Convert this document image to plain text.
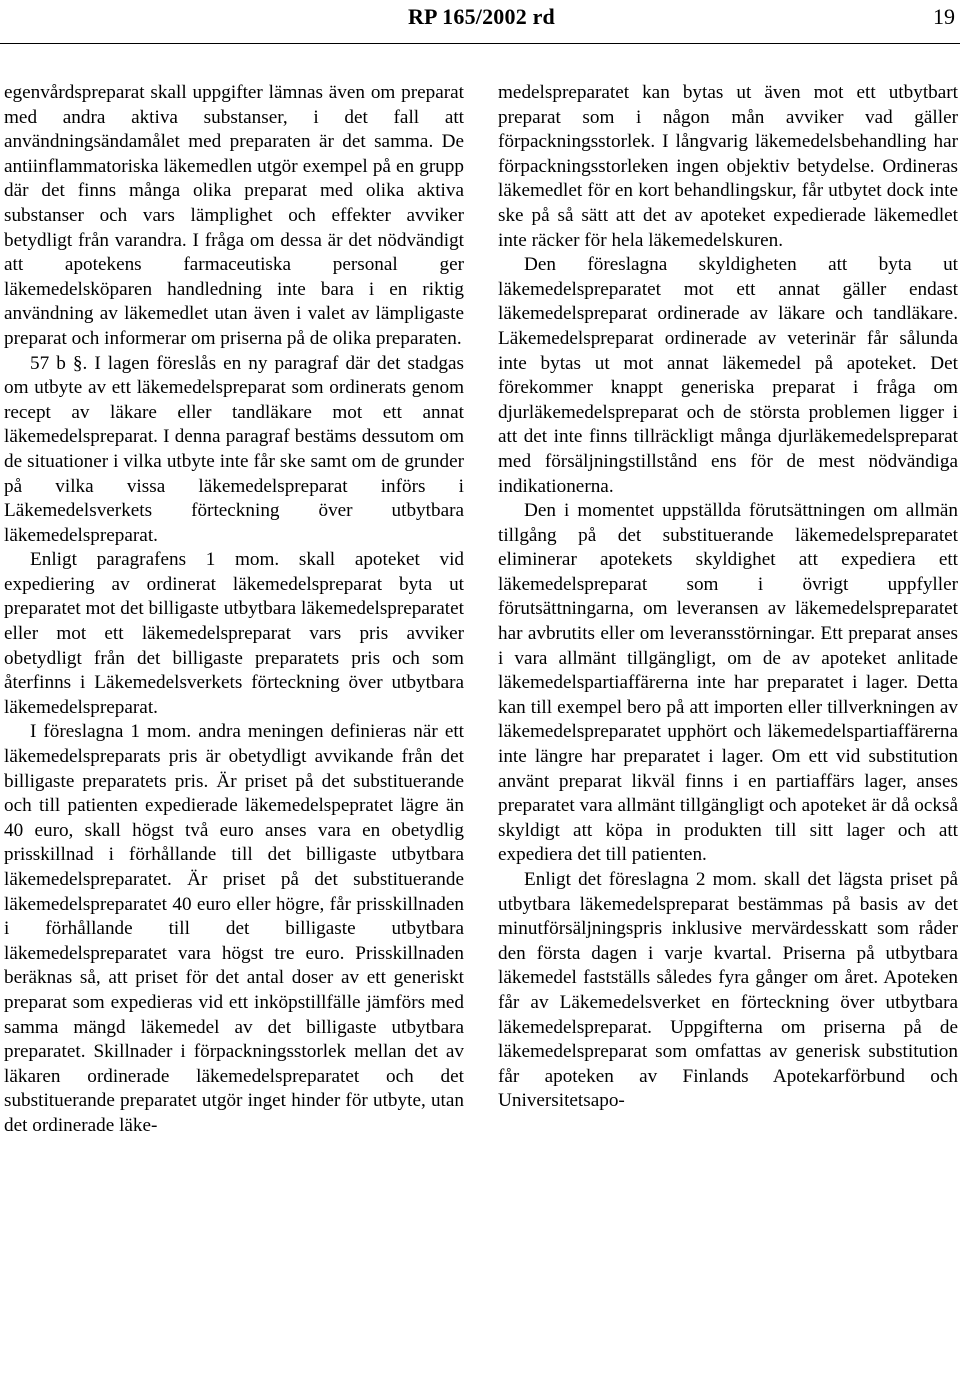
RP 165/2002 rd	19

egenvårdspreparat skall uppgifter lämnas även om preparat med andra aktiva substanser, i det fall att användningsändamålet med preparaten är det samma. De antiinflammatoriska läkemedlen utgör exempel på en grupp där det finns många olika preparat med olika aktiva substanser och vars lämplighet och effekter avviker betydligt från varandra. I fråga om dessa är det nödvändigt att apotekens farmaceutiska personal ger läkemedelsköparen handledning inte bara i en riktig användning av läkemedlet utan även i valet av lämpligaste preparat och informerar om priserna på de olika preparaten.

57 b §. I lagen föreslås en ny paragraf där det stadgas om utbyte av ett läkemedelspreparat som ordinerats genom recept av läkare eller tandläkare mot ett annat läkemedelspreparat. I denna paragraf bestäms dessutom om de situationer i vilka utbyte inte får ske samt om de grunder på vilka vissa läkemedelspreparat införs i Läkemedelsverkets förteckning över utbytbara läkemedelspreparat.

Enligt paragrafens 1 mom. skall apoteket vid expediering av ordinerat läkemedelspreparat byta ut preparatet mot det billigaste utbytbara läkemedelspreparatet eller mot ett läkemedelspreparat vars pris avviker obetydligt från det billigaste preparatets pris och som återfinns i Läkemedelsverkets förteckning över utbytbara läkemedelspreparat.

I föreslagna 1 mom. andra meningen definieras när ett läkemedelspreparats pris är obetydligt avvikande från det billigaste preparatets pris. Är priset på det substituerande och till patienten expedierade läkemedelspepratet lägre än 40 euro, skall högst två euro anses vara en obetydlig prisskillnad i förhållande till det billigaste utbytbara läkemedelspreparatet. Är priset på det substituerande läkemedelspreparatet 40 euro eller högre, får prisskillnaden i förhållande till det billigaste utbytbara läkemedelspreparatet vara högst tre euro. Prisskillnaden beräknas så, att priset för det antal doser av ett generiskt preparat som expedieras vid ett inköpstillfälle jämförs med samma mängd läkemedel av det billigaste utbytbara preparatet. Skillnader i förpackningsstorlek mellan det av läkaren ordinerade läkemedelspreparatet och det substituerande preparatet utgör inget hinder för utbyte, utan det ordinerade läke-

medelspreparatet kan bytas ut även mot ett utbytbart preparat som i någon mån avviker vad gäller förpackningsstorlek. I långvarig läkemedelsbehandling har förpackningsstorleken ingen objektiv betydelse. Ordineras läkemedlet för en kort behandlingskur, får utbytet dock inte ske på så sätt att det av apoteket expedierade läkemedlet inte räcker för hela läkemedelskuren.

Den föreslagna skyldigheten att byta ut läkemedelspreparatet mot ett annat gäller endast läkemedelspreparat ordinerade av läkare och tandläkare. Läkemedelspreparat ordinerade av veterinär får sålunda inte bytas ut mot annat läkemedel på apoteket. Det förekommer knappt generiska preparat i fråga om djurläkemedelspreparat och de största problemen ligger i att det inte finns tillräckligt många djurläkemedelspreparat med försäljningstillstånd ens för de mest nödvändiga indikationerna.

Den i momentet uppställda förutsättningen om allmän tillgång på det substituerande läkemedelspreparatet eliminerar apotekets skyldighet att expediera ett läkemedelspreparat som i övrigt uppfyller förutsättningarna, om leveransen av läkemedelspreparatet har avbrutits eller om leveransstörningar. Ett preparat anses i vara allmänt tillgängligt, om de av apoteket anlitade läkemedelspartiaffärerna inte har preparatet i lager. Detta kan till exempel bero på att importen eller tillverkningen av läkemedelspreparatet upphört och läkemedelspartiaffärerna inte längre har preparatet i lager. Om ett vid substitution använt preparat likväl finns i en partiaffärs lager, anses preparatet vara allmänt tillgängligt och apoteket är då också skyldigt att köpa in produkten till sitt lager och att expediera det till patienten.

Enligt det föreslagna 2 mom. skall det lägsta priset på utbytbara läkemedelspreparat bestämmas på basis av det minutförsäljningspris inklusive mervärdesskatt som råder den första dagen i varje kvartal. Priserna på utbytbara läkemedel fastställs således fyra gånger om året. Apoteken får av Läkemedelsverket en förteckning över utbytbara läkemedelspreparat. Uppgifterna om priserna på de läkemedelspreparat som omfattas av generisk substitution får apoteken av Finlands Apotekarförbund och Universitetsapo-
